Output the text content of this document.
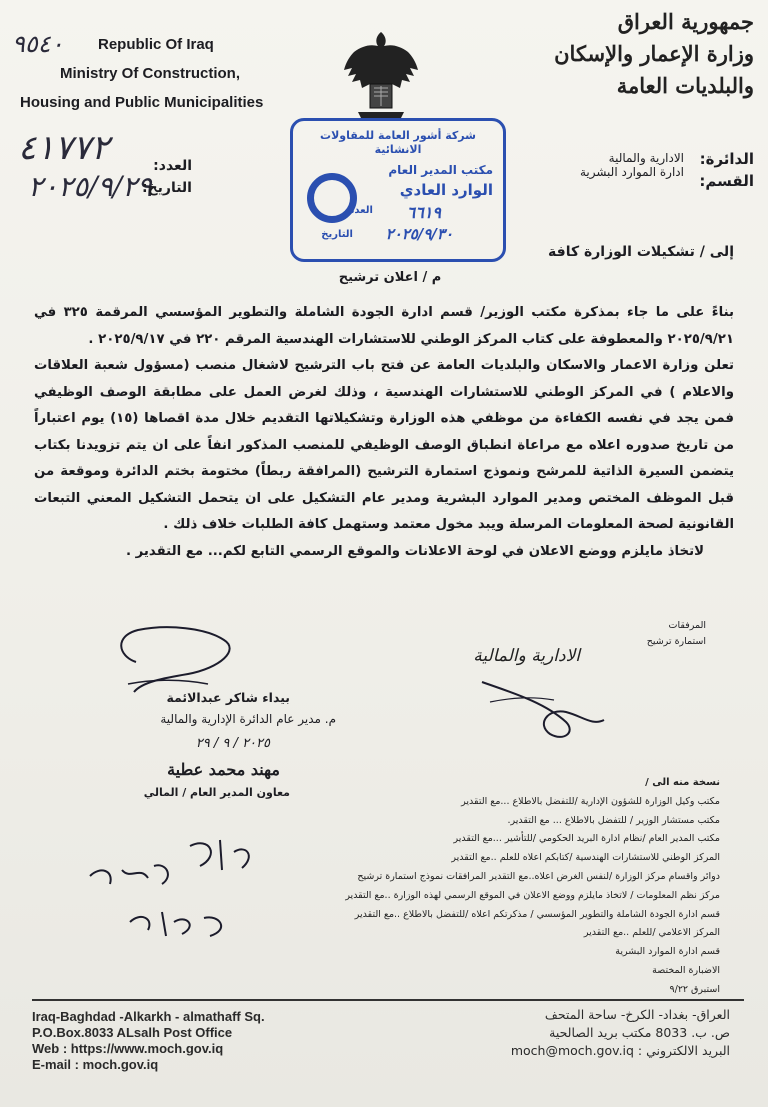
Republic Of Iraq
Ministry Of Construction,
Housing and Public Municipalities
٩٥٤٠
جمهورية العراق
وزارة الإعمار والإسكان
والبلديات العامة
٤١٧٧٢
٢٠٢٥/٩/٢٩
العدد:
التاريخ:
الدائرة:
الادارية والمالية
القسم:
ادارة الموارد البشرية
شركة أشور العامة للمقاولات الانشائية
مكتب المدير العام
الوارد العادي
العدد ٦٦١٩
التاريخ ٢٠٢٥/٩/٣٠
إلى / تشكيلات الوزارة كافة
م / اعلان ترشيح

بناءً على ما جاء بمذكرة مكتب الوزير/ قسم ادارة الجودة الشاملة والتطوير المؤسسي المرقمة ٣٢٥ في ٢٠٢٥/٩/٢١ والمعطوفة على كتاب المركز الوطني للاستشارات الهندسية المرقم ٢٢٠ في ٢٠٢٥/٩/١٧ .

تعلن وزارة الاعمار والاسكان والبلديات العامة عن فتح باب الترشيح لاشغال منصب (مسؤول شعبة العلاقات والاعلام ) في المركز الوطني للاستشارات الهندسية ، وذلك لغرض العمل على مطابقة الوصف الوظيفي فمن يجد في نفسه الكفاءة من موظفي هذه الوزارة وتشكيلاتها التقديم خلال مدة اقصاها (١٥) يوم اعتباراً من تاريخ صدوره اعلاه مع مراعاة انطباق الوصف الوظيفي للمنصب المذكور انفاً على ان يتم تزويدنا بكتاب يتضمن السيرة الذاتية للمرشح ونموذج استمارة الترشيح (المرافقة ربطاً) مختومة بختم الدائرة وموقعة من قبل الموظف المختص ومدير الموارد البشرية ومدير عام التشكيل على ان يتحمل التشكيل المعني التبعات القانونية لصحة المعلومات المرسلة ويبد مخول معتمد وستهمل كافة الطلبات خلاف ذلك .

لاتخاذ مايلزم ووضع الاعلان في لوحة الاعلانات والموقع الرسمي التابع لكم... مع التقدير .

المرفقات
استمارة ترشيح
الادارية والمالية
بيداء شاكر عبدالائمة
م. مدير عام الدائرة الإدارية والمالية
٢٠٢٥ / ٩ / ٢٩
مهند محمد عطية
معاون المدير العام / المالي
نسخة منه الى /
مكتب وكيل الوزارة للشؤون الإدارية /للتفضل بالاطلاع ...مع التقدير
مكتب مستشار الوزير / للتفضل بالاطلاع ... مع التقدير.
مكتب المدير العام /نظام ادارة البريد الحكومي /للتأشير ...مع التقدير
المركز الوطني للاستشارات الهندسية /كتابكم اعلاه للعلم ..مع التقدير
دوائر واقسام مركز الوزارة /لنفس الغرض اعلاه..مع التقدير المرافقات نموذج استمارة ترشيح
مركز نظم المعلومات / لاتخاذ مايلزم ووضع الاعلان في الموقع الرسمي لهذه الوزارة ..مع التقدير
قسم ادارة الجودة الشاملة والتطوير المؤسسي / مذكرتكم اعلاه /للتفضل بالاطلاع ..مع التقدير
المركز الاعلامي /للعلم ..مع التقدير
قسم ادارة الموارد البشرية
الاضبارة المختصة
استبرق ٩/٢٢
Iraq-Baghdad -Alkarkh - almathaff Sq.
P.O.Box.8033 ALsalh Post Office
Web : https://www.moch.gov.iq
E-mail : moch.gov.iq
العراق- بغداد- الكرخ- ساحة المتحف
ص. ب. 8033 مكتب بريد الصالحية
البريد الالكتروني : moch@moch.gov.iq
